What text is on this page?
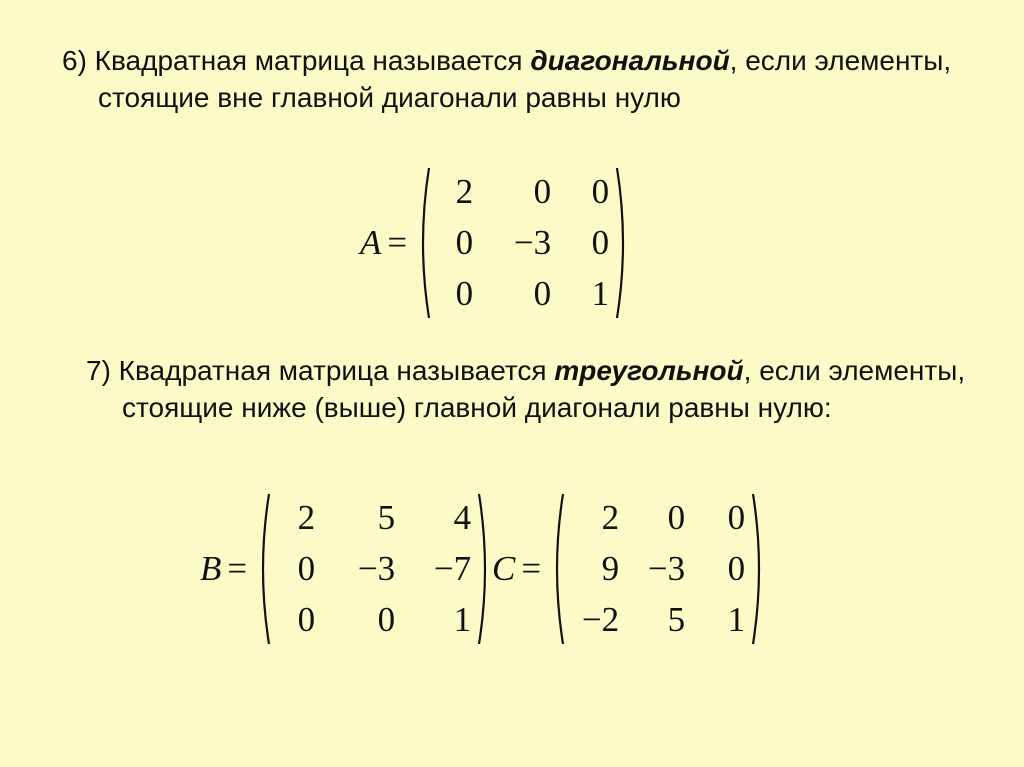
6) Квадратная матрица называется диагональной, если элементы, стоящие вне главной диагонали равны нулю

A =
2	0	0
0	−3	0
0	0	1

7) Квадратная матрица называется треугольной, если элементы, стоящие ниже (выше) главной диагонали равны нулю:

B =
2	5	4
0	−3	−7
0	0	1
C =
2	0	0
9 −3	0
−2	5	1
